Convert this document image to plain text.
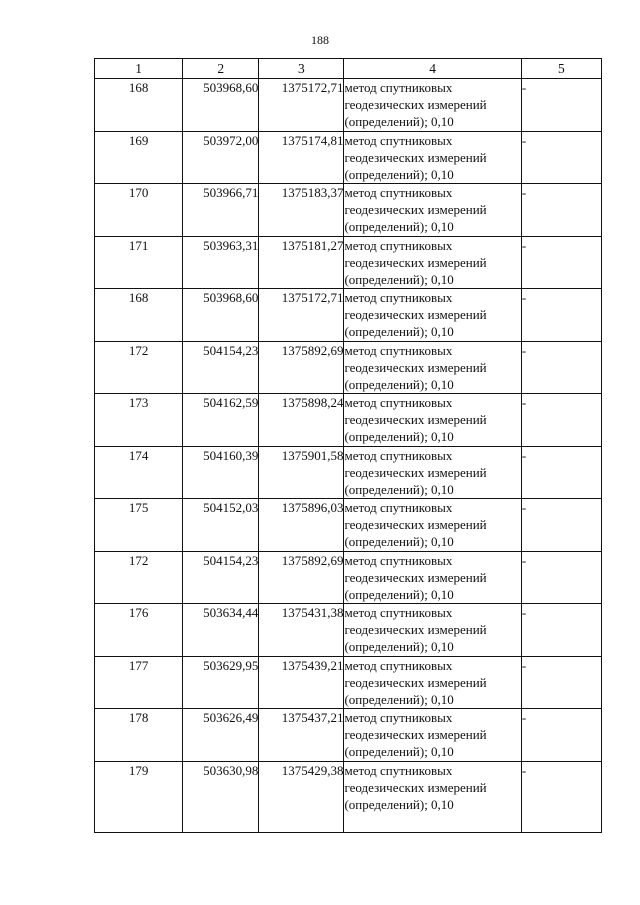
188
1	2	3	4	5
168	503968,60	1375172,71	метод спутниковых
геодезических измерений
(определений); 0,10	-
169	503972,00	1375174,81	метод спутниковых
геодезических измерений
(определений); 0,10	-
170	503966,71	1375183,37	метод спутниковых
геодезических измерений
(определений); 0,10	-
171	503963,31	1375181,27	метод спутниковых
геодезических измерений
(определений); 0,10	-
168	503968,60	1375172,71	метод спутниковых
геодезических измерений
(определений); 0,10	-
172	504154,23	1375892,69	метод спутниковых
геодезических измерений
(определений); 0,10	-
173	504162,59	1375898,24	метод спутниковых
геодезических измерений
(определений); 0,10	-
174	504160,39	1375901,58	метод спутниковых
геодезических измерений
(определений); 0,10	-
175	504152,03	1375896,03	метод спутниковых
геодезических измерений
(определений); 0,10	-
172	504154,23	1375892,69	метод спутниковых
геодезических измерений
(определений); 0,10	-
176	503634,44	1375431,38	метод спутниковых
геодезических измерений
(определений); 0,10	-
177	503629,95	1375439,21	метод спутниковых
геодезических измерений
(определений); 0,10	-
178	503626,49	1375437,21	метод спутниковых
геодезических измерений
(определений); 0,10	-
179	503630,98	1375429,38	метод спутниковых
геодезических измерений
(определений); 0,10	-
